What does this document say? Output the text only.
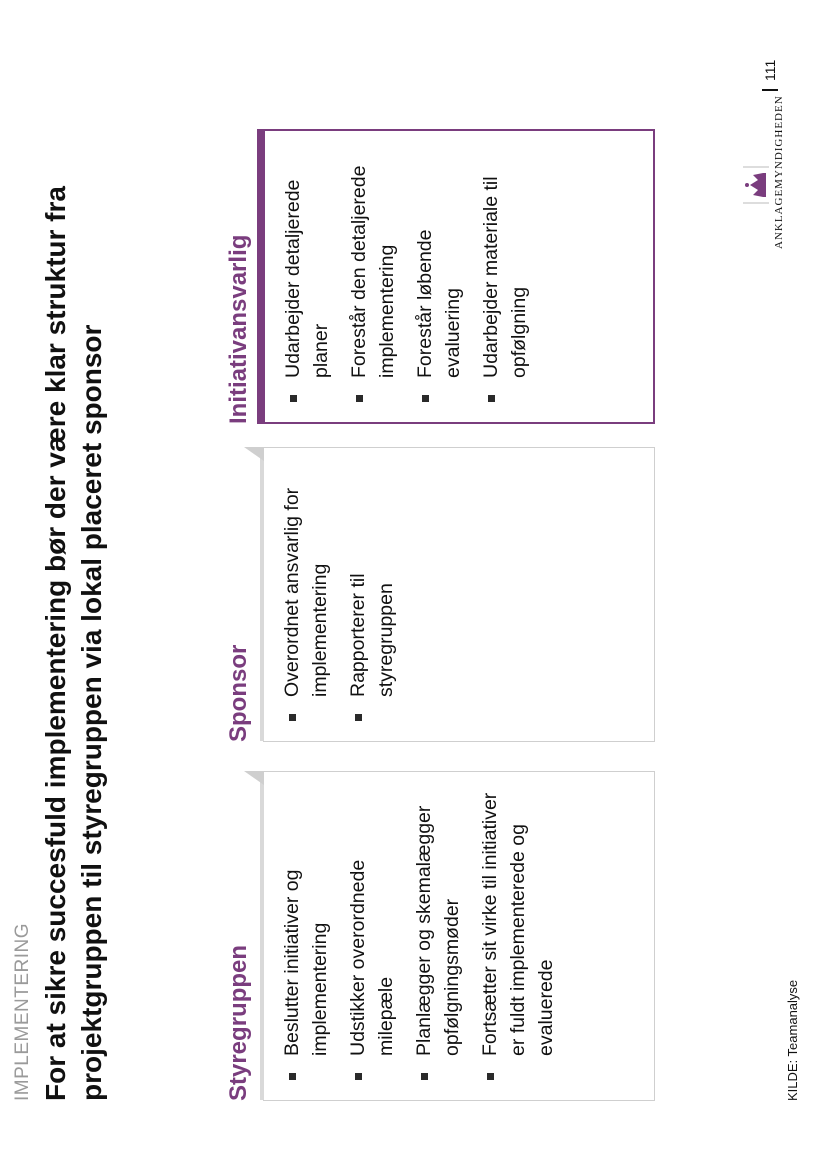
IMPLEMENTERING For at sikre succesfuld implementering bør der være klar struktur fra projektgruppen til styregruppen via lokal placeret sponsor	Styregruppen Beslutter initiativer og implementering Udstikker overordnede milepæle Planlægger og skemalægger opfølgningsmøder Fortsætter sit virke til initiativer er fuldt implementerede og evaluerede
Sponsor Overordnet ansvarlig for implementering Rapporterer til styregruppen
Initiativansvarlig Udarbejder detaljerede planer Forestår den detaljerede implementering Forestår løbende evaluering Udarbejder materiale til opfølgning
KILDE: Teamanalyse
ANKLAGEMYNDIGHEDEN
111
